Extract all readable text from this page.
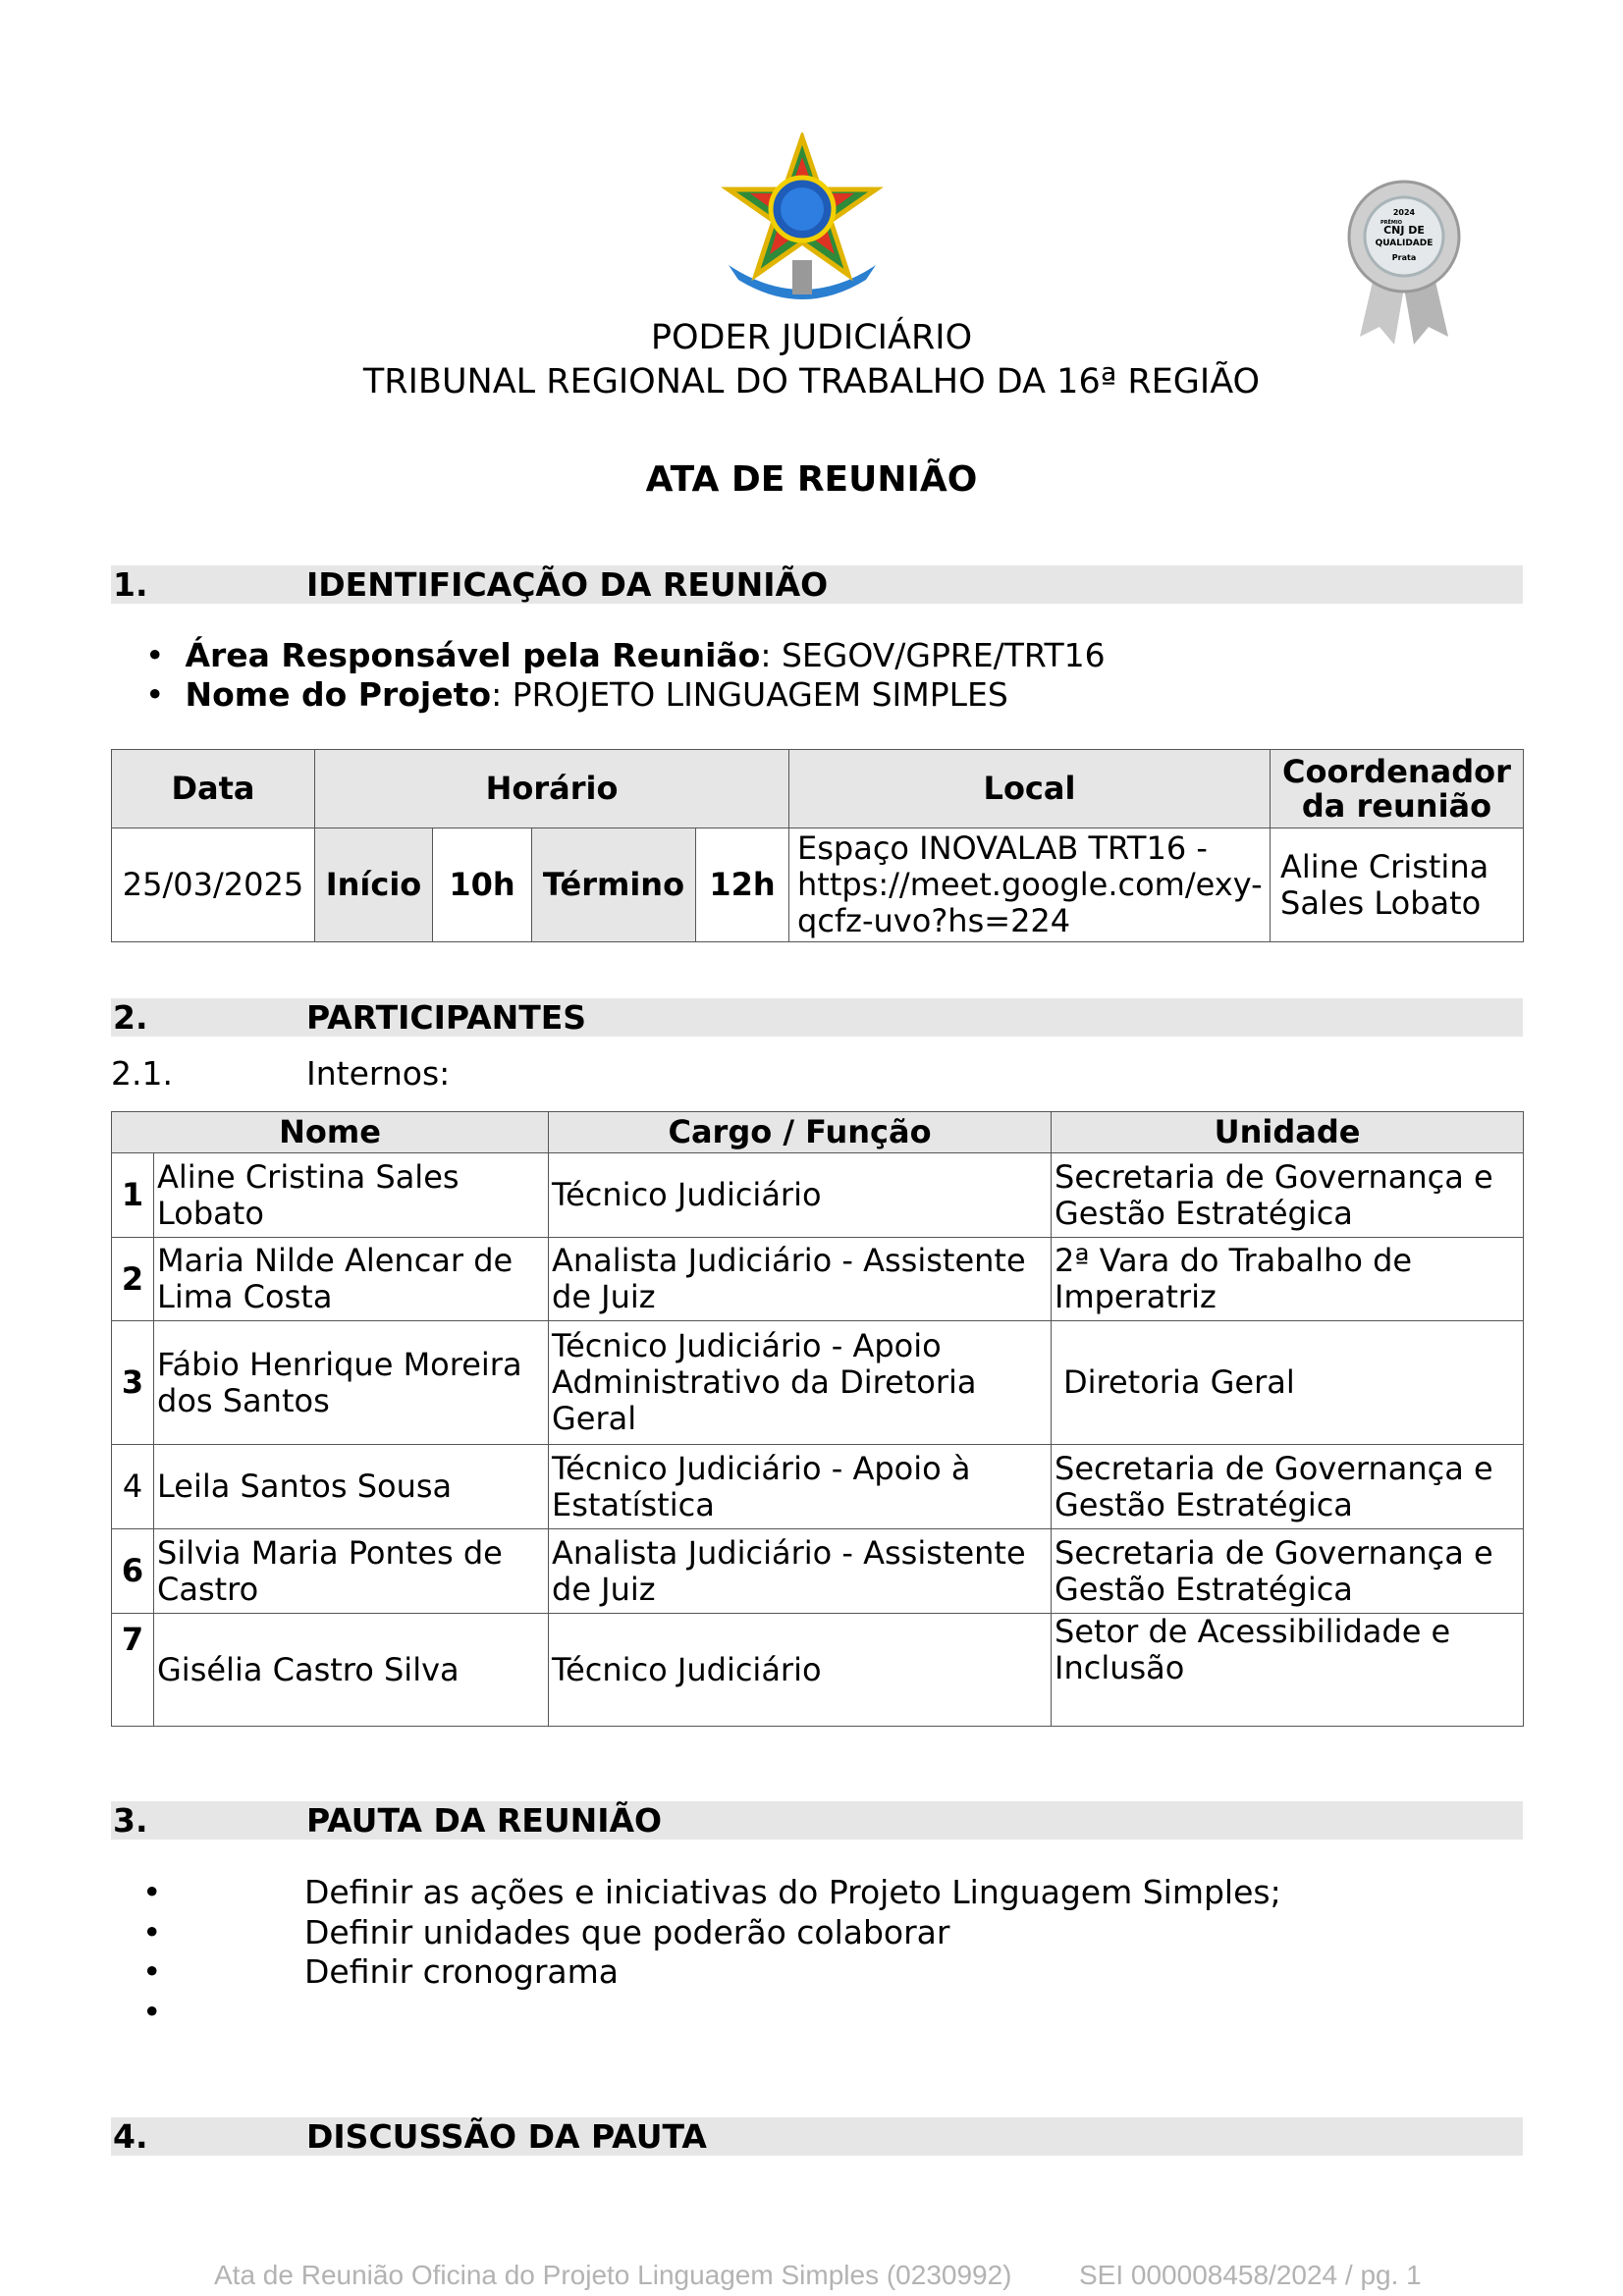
2024
PRÊMIO
CNJ DE
QUALIDADE
Prata
PODER JUDICIÁRIO
TRIBUNAL REGIONAL DO TRABALHO DA 16ª REGIÃO
ATA DE REUNIÃO
1.	IDENTIFICAÇÃO DA REUNIÃO
•  Área Responsável pela Reunião: SEGOV/GPRE/TRT16
•  Nome do Projeto: PROJETO LINGUAGEM SIMPLES
Data	Horário				Local	Coordenador da reunião
25/03/2025	Início	10h	Término	12h	Espaço INOVALAB TRT16 - https://meet.google.com/exy-qcfz-uvo?hs=224	Aline Cristina Sales Lobato
2.	PARTICIPANTES
2.1.	Internos:
Nome		Cargo / Função	Unidade
1	Aline Cristina Sales Lobato	Técnico Judiciário	Secretaria de Governança e Gestão Estratégica
2	Maria Nilde Alencar de Lima Costa	Analista Judiciário - Assistente de Juiz	2ª Vara do Trabalho de Imperatriz
3	Fábio Henrique Moreira dos Santos	Técnico Judiciário - Apoio Administrativo da Diretoria Geral	Diretoria Geral
4	Leila Santos Sousa	Técnico Judiciário - Apoio à Estatística	Secretaria de Governança e Gestão Estratégica
6	Silvia Maria Pontes de Castro	Analista Judiciário - Assistente de Juiz	Secretaria de Governança e Gestão Estratégica
7	Gisélia Castro Silva	Técnico Judiciário	Setor de Acessibilidade e Inclusão
3.	PAUTA DA REUNIÃO
•	Definir as ações e iniciativas do Projeto Linguagem Simples;
•	Definir unidades que poderão colaborar
•	Definir cronograma
•
4.	DISCUSSÃO DA PAUTA
Ata de Reunião Oficina do Projeto Linguagem Simples (0230992) SEI 000008458/2024 / pg. 1
